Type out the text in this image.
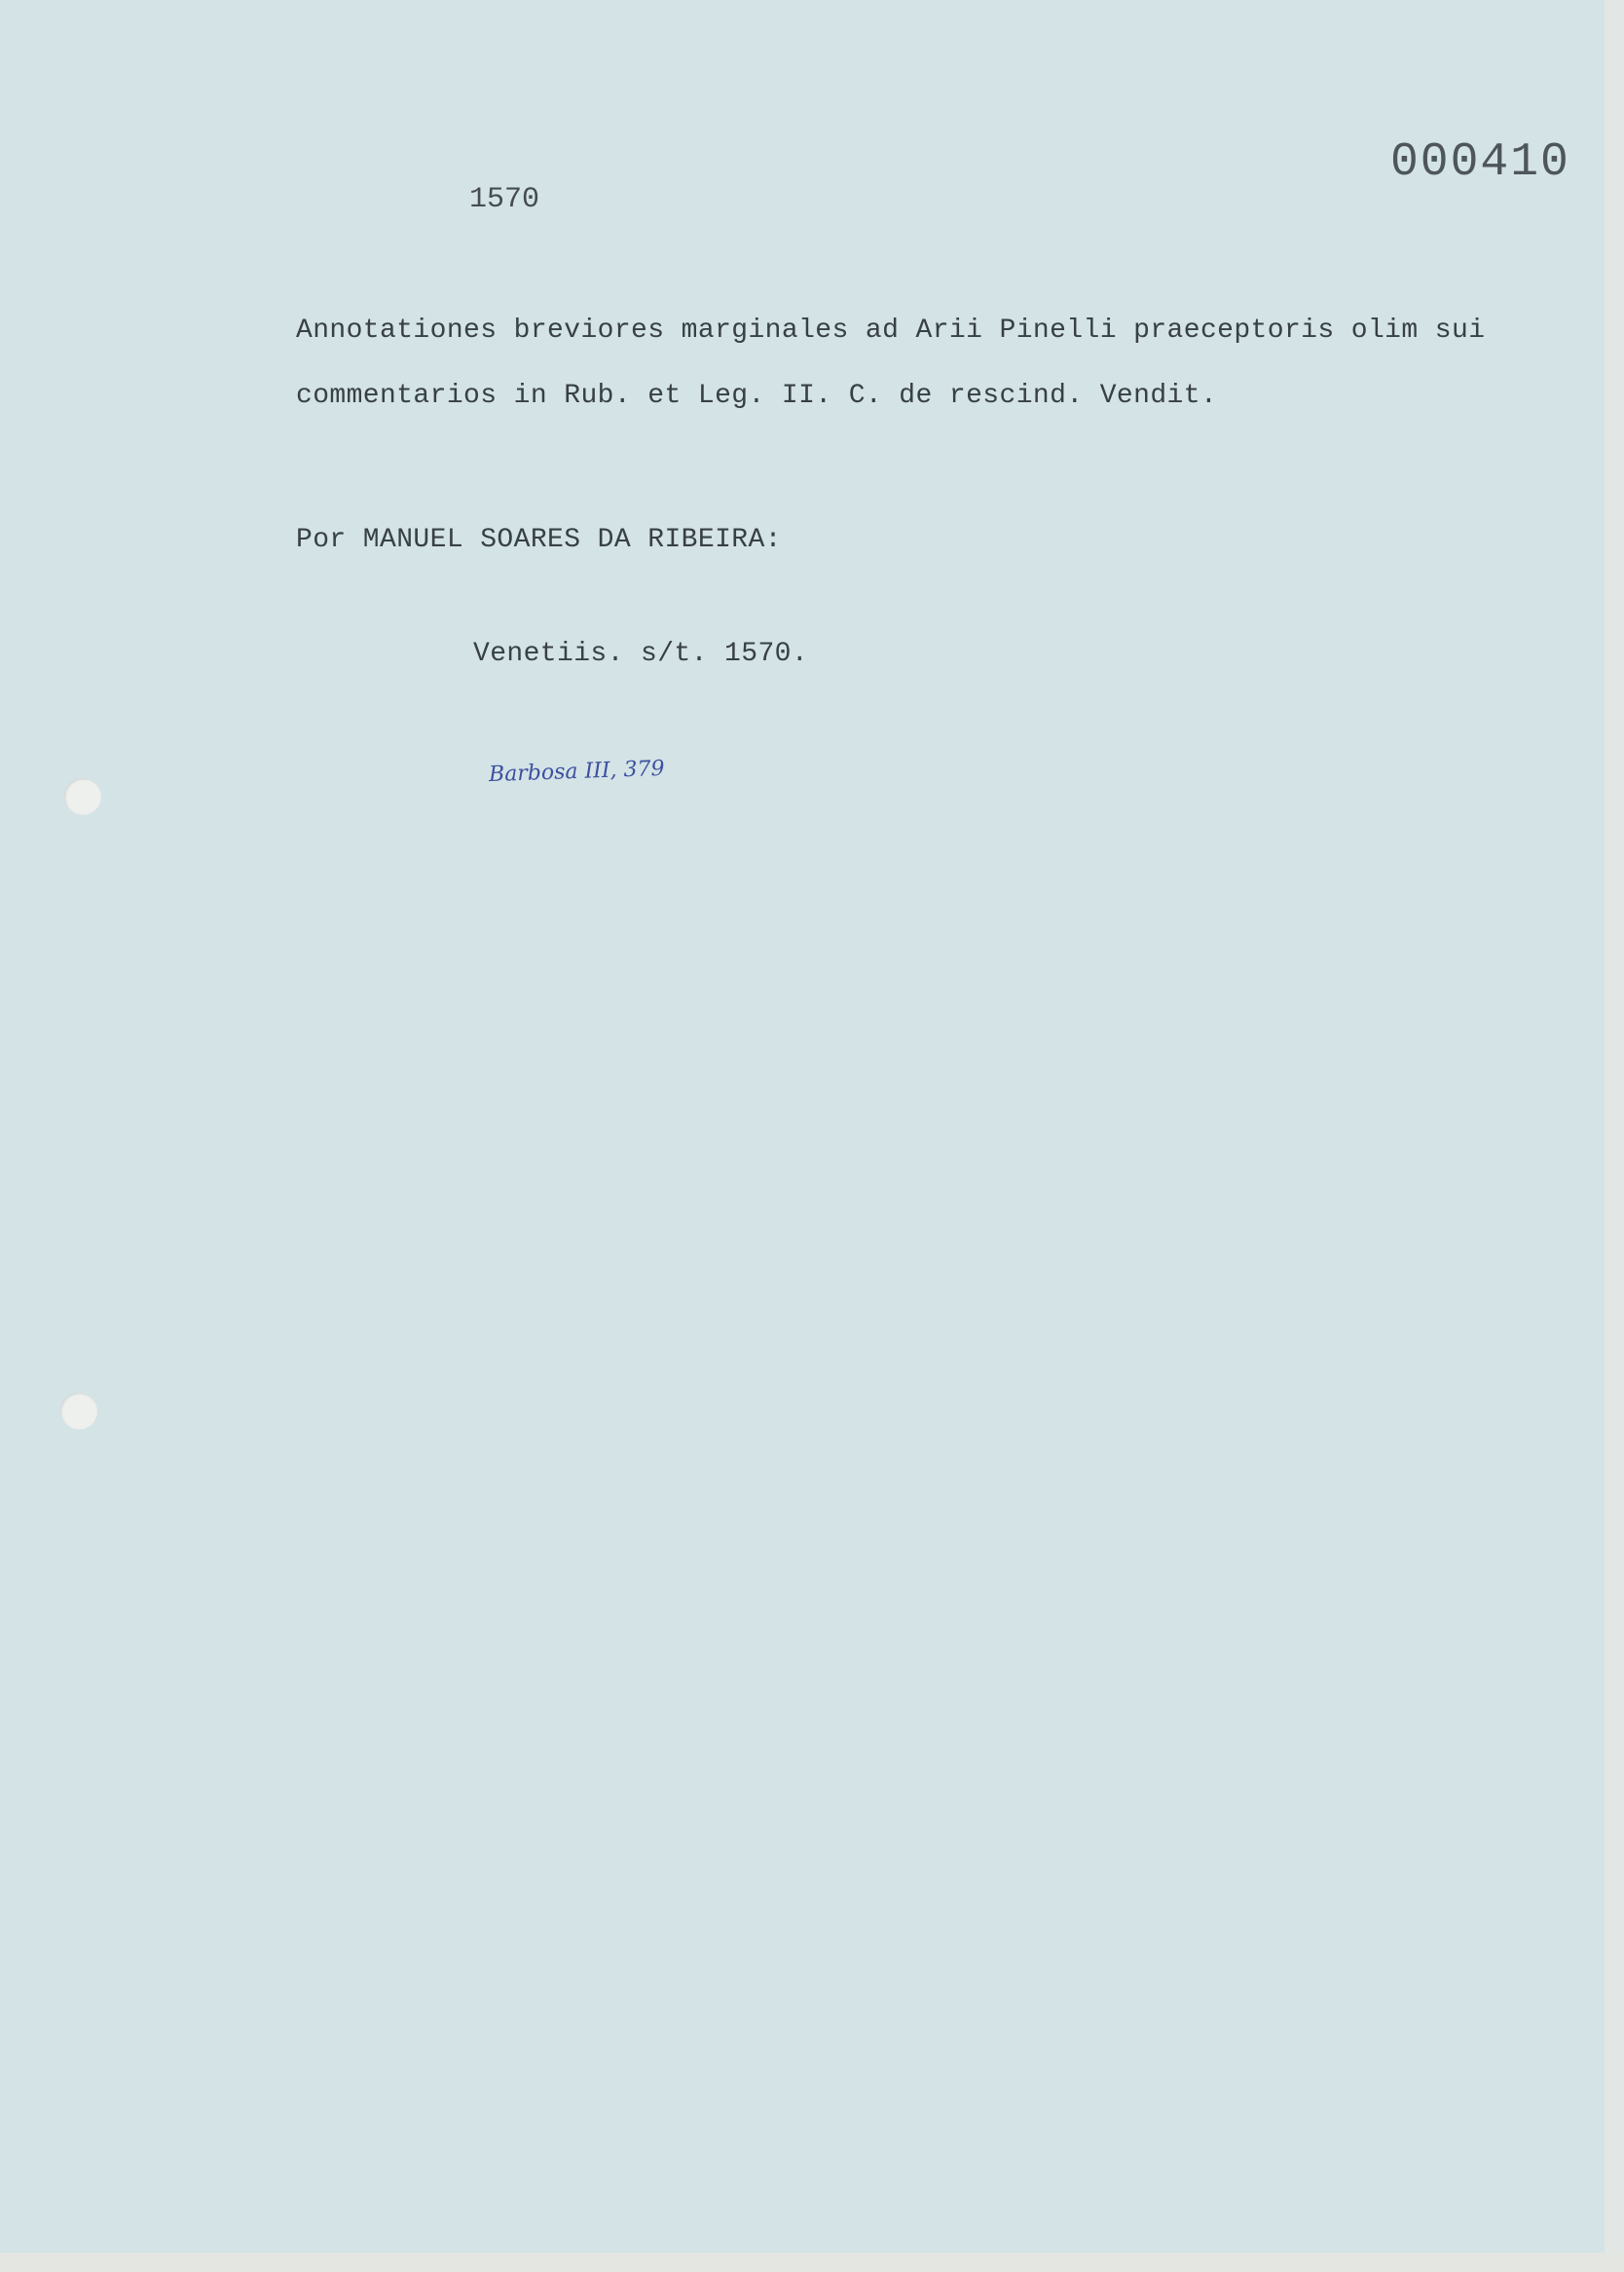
000410
1570
Annotationes breviores marginales ad Arii Pinelli praeceptoris olim sui
commentarios in Rub. et Leg. II. C. de rescind. Vendit.
Por MANUEL SOARES DA RIBEIRA:
Venetiis. s/t. 1570.
Barbosa III, 379
